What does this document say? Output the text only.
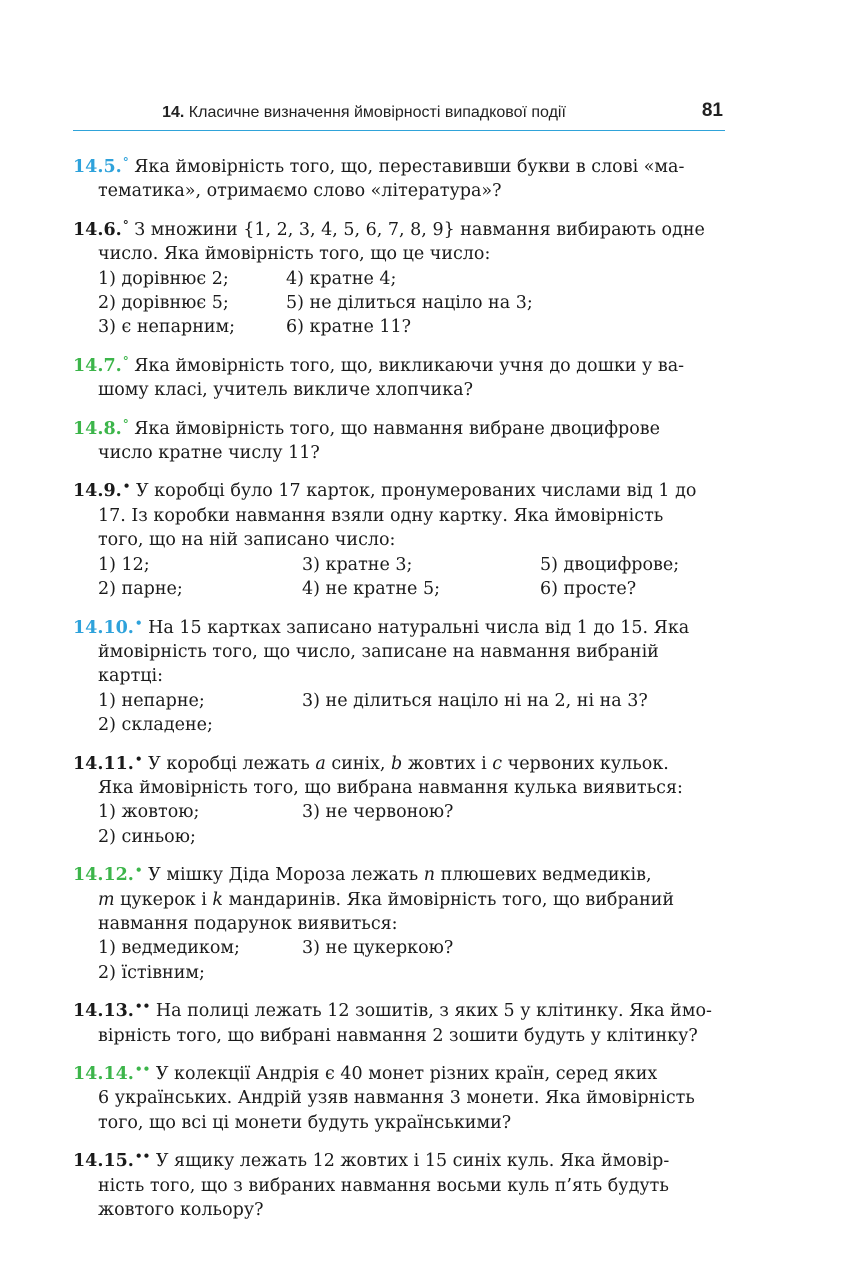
14. Класичне визначення ймовірності випадкової події	81

14.5.° Яка ймовірність того, що, переставивши букви в слові «ма-

тематика», отримаємо слово «література»?

14.6.° З множини {1, 2, 3, 4, 5, 6, 7, 8, 9} навмання вибирають одне

число. Яка ймовірність того, що це число:

1) дорівнює 2;	4) кратне 4;
2) дорівнює 5;	5) не ділиться націло на 3;
3) є непарним;	6) кратне 11?

14.7.° Яка ймовірність того, що, викликаючи учня до дошки у ва-

шому класі, учитель викличе хлопчика?

14.8.° Яка ймовірність того, що навмання вибране двоцифрове

число кратне числу 11?

14.9.• У коробці було 17 карток, пронумерованих числами від 1 до

17. Із коробки навмання взяли одну картку. Яка ймовірність

того, що на ній записано число:

1) 12;	3) кратне 3;	5) двоцифрове;
2) парне;	4) не кратне 5;	6) просте?

14.10.• На 15 картках записано натуральні числа від 1 до 15. Яка

ймовірність того, що число, записане на навмання вибраній

картці:

1) непарне;	3) не ділиться націло ні на 2, ні на 3?
2) складене;

14.11.• У коробці лежать a синіх, b жовтих і c червоних кульок.

Яка ймовірність того, що вибрана навмання кулька виявиться:

1) жовтою;	3) не червоною?
2) синьою;

14.12.• У мішку Діда Мороза лежать n плюшевих ведмедиків,

m цукерок і k мандаринів. Яка ймовірність того, що вибраний

навмання подарунок виявиться:

1) ведмедиком;	3) не цукеркою?
2) їстівним;

14.13.•• На полиці лежать 12 зошитів, з яких 5 у клітинку. Яка ймо-

вірність того, що вибрані навмання 2 зошити будуть у клітинку?

14.14.•• У колекції Андрія є 40 монет різних країн, серед яких

6 українських. Андрій узяв навмання 3 монети. Яка ймовірність

того, що всі ці монети будуть українськими?

14.15.•• У ящику лежать 12 жовтих і 15 синіх куль. Яка ймовір-

ність того, що з вибраних навмання восьми куль п’ять будуть

жовтого кольору?
